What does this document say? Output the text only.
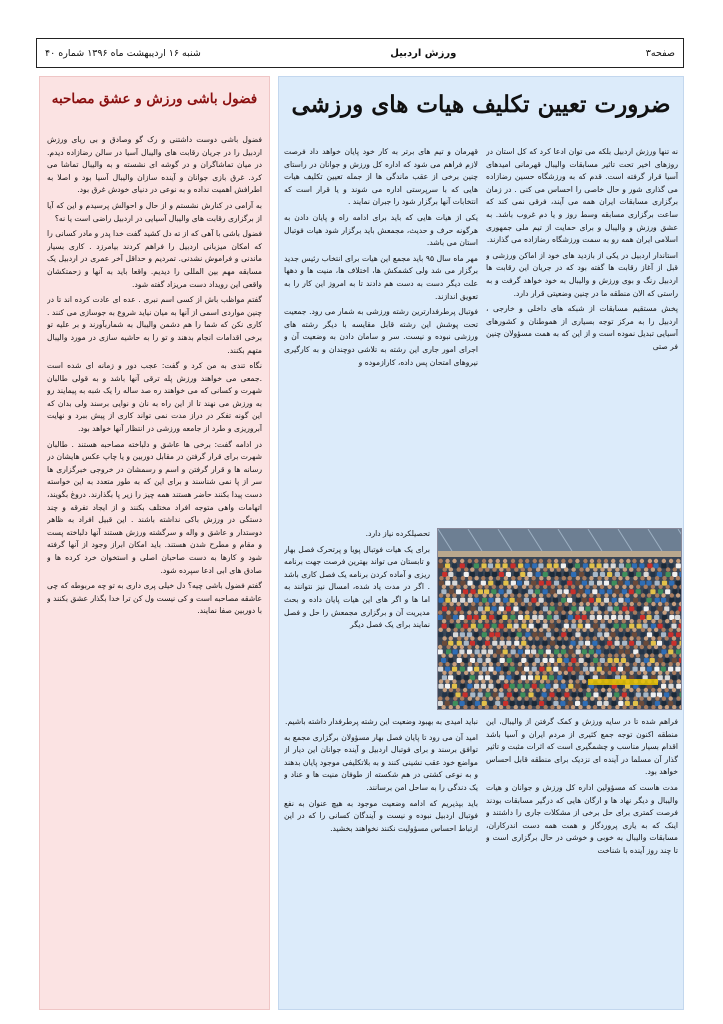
صفحه۳
ورزش اردبیل
شنبه ۱۶ اردیبهشت ماه ۱۳۹۶ شماره ۴۰
ضرورت تعیین تکلیف هیات های ورزشی
فضول باشی ورزش و عشق مصاحبه

نه تنها ورزش اردبیل بلکه می توان ادعا کرد که کل استان در روزهای اخیر تحت تاثیر مسابقات والیبال قهرمانی امیدهای آسیا قرار گرفته است. قدم که به ورزشگاه حسین رضازاده می گذاری شور و حال خاصی را احساس می کنی . در زمان برگزاری مسابقات ایران همه می آیند، فرقی نمی کند که ساعت برگزاری مسابقه وسط روز و یا دم غروب باشد. به عشق ورزش و والیبال و برای حمایت از تیم ملی جمهوری اسلامی ایران همه رو به سمت ورزشگاه رضازاده می گذارند.

استاندار اردبیل در یکی از بازدید های خود از اماکن ورزشی و قبل از آغاز رقابت ها گفته بود که در جریان این رقابت ها اردبیل رنگ و بوی ورزش و والیبال به خود خواهد گرفت و به راستی که الان منطقه ما در چنین وضعیتی قرار دارد.

پخش مستقیم مسابقات از شبکه های داخلی و خارجی ، اردبیل را به مرکز توجه بسیاری از هموطنان و کشورهای آسیایی تبدیل نموده است و از این که به همت مسؤولان چنین فر صتی

قهرمان و تیم های برتر به کار خود پایان خواهد داد فرصت لازم فراهم می شود که اداره کل ورزش و جوانان در راستای چنین برخی از عقب ماندگی ها از جمله تعیین تکلیف هیات هایی که با سرپرستی اداره می شوند و یا قرار است که انتخابات آنها برگزار شود را جبران نمایند .

یکی از هیات هایی که باید برای ادامه راه و پایان دادن به هرگونه حرف و حدیث، مجمعش باید برگزار شود هیات فوتبال استان می باشد.

مهر ماه سال ۹۵ باید مجمع این هیات برای انتخاب رئیس جدید برگزار می شد ولی کشمکش ها، اختلاف ها، منیت ها و دهها علت دیگر دست به دست هم دادند تا به امروز این کار را به تعویق اندازند.

فوتبال پرطرفدارترین رشته ورزشی به شمار می رود. جمعیت تحت پوشش این رشته قابل مقایسه با دیگر رشته های ورزشی نبوده و نیست. سر و سامان دادن به وضعیت آن و اجرای امور جاری این رشته به تلاشی دوچندان و به کارگیری نیروهای امتحان پس داده، کارازموده و

تحصیلکرده نیاز دارد.

برای یک هیات فوتبال پویا و پرتحرک فصل بهار و تابستان می تواند بهترین فرصت جهت برنامه ریزی و آماده کردن برنامه یک فصل کاری باشد . اگر در مدت یاد شده، امسال نیز نتوانند به اما ها و اگر های این هیات پایان داده و بحث مدیریت آن و برگزاری مجمعش را حل و فصل نمایند برای یک فصل دیگر

فراهم شده تا در سایه ورزش و کمک گرفتن از والیبال، این منطقه اکنون توجه جمع کثیری از مردم ایران و آسیا باشد اقدام بسیار مناسب و چشمگیری است که اثرات مثبت و تاثیر گذار آن مسلما در آینده ای نزدیک برای منطقه قابل احساس خواهد بود.

مدت هاست که مسؤولین اداره کل ورزش و جوانان و هیات والیبال و دیگر نهاد ها و ارگان هایی که درگیر مسابقات بودند فرصت کمتری برای حل برخی از مشکلات جاری را داشتند و اینک که به یاری پروردگار و همت همه دست اندرکاران، مسابقات والیبال به خوبی و خوشی در حال برگزاری است و تا چند روز آینده با شناخت

نباید امیدی به بهبود وضعیت این رشته پرطرفدار داشته باشیم.

امید آن می رود تا پایان فصل بهار مسؤولان برگزاری مجمع به توافق برسند و برای فوتبال اردبیل و آینده جوانان این دیار از مواضع خود عقب نشینی کنند و به بلاتکلیفی موجود پایان بدهند و به نوعی کشتی در هم شکسته از طوفان منیت ها و عناد و یک دندگی را به ساحل امن برسانند.

باید بپذیریم که ادامه وضعیت موجود به هیچ عنوان به نفع فوتبال اردبیل نبوده و نیست و آیندگان کسانی را که در این ارتباط احساس مسؤولیت نکنند نخواهند بخشید.

فضول باشی دوست داشتنی و رک گو وصادق و بی ریای ورزش اردبیل را در جریان رقابت های والیبال آسیا در سالن رضازاده دیدم. در میان تماشاگران و در گوشه ای نشسته و به والیبال تماشا می کرد. غرق بازی جوانان و آینده سازان والیبال آسیا بود و اصلا به اطرافش اهمیت نداده و به نوعی در دنیای خودش غرق بود.

به آرامی در کنارش نشستم و از حال و احوالش پرسیدم و این که آیا از برگزاری رقابت های والیبال آسیایی در اردبیل راضی است یا نه؟

فضول باشی با آهی که از ته دل کشید گفت خدا پدر و مادر کسانی را که امکان میزبانی اردبیل را فراهم کردند بیامرزد . کاری بسیار ماندنی و فراموش نشدنی. تمردیم و حداقل آخر عمری در اردبیل یک مسابقه مهم بین المللی را دیدیم. واقعا باید به آنها و زحمتکشان واقعی این رویداد دست مریزاد گفته شود.

گفتم مواظب باش از کسی اسم نبری . عده ای عادت کرده اند تا در چنین مواردی اسمی از آنها به میان نیاید شروع به جوسازی می کنند . کاری نکن که شما را هم دشمن والیبال به شماربآورند و بر علیه تو برخی اقدامات انجام بدهند و تو را به حاشیه سازی در مورد والیبال متهم بکنند.

نگاه تندی به من کرد و گفت: عجب دور و زمانه ای شده است .جمعی می خواهند ورزش پله ترقی آنها باشد و به قولی طالبان شهرت و کسانی که می خواهند ره صد ساله را یک شبه به پیمایند رو به ورزش می نهند تا از این راه به نان و نوایی برسند ولی بدان که این گونه تفکر در دراز مدت نمی تواند کاری از پیش ببرد و نهایت آبروریزی و طرد از جامعه ورزشی در انتظار آنها خواهد بود.

در ادامه گفت: برخی ها عاشق و دلباخته مصاحبه هستند . طالبان شهرت برای قرار گرفتن در مقابل دوربین و یا چاپ عکس هایشان در رسانه ها و قرار گرفتن و اسم و رسمشان در خروجی خبرگزاری ها سر از پا نمی شناسند و برای این که به طور متعدد به این خواسته دست پیدا بکنند حاضر هستند همه چیز را زیر پا بگذارند. دروغ بگویند، اتهامات واهی متوجه افراد مختلف بکنند و از ایجاد تفرقه و چند دستگی در ورزش باکی نداشته باشند . این قبیل افراد به ظاهر دوستدار و عاشق و واله و سرگشته ورزش هستند آنها دلباخته پست و مقام و مطرح شدن هستند. باید امکان ابراز وجود از آنها گرفته شود و کارها به دست صاحبان اصلی و استخوان خرد کرده ها و صادق های ابی ادعا سپرده شود.

گفتم فضول باشی چیه؟ دل خیلی پری داری به تو چه مربوطه که چی عاشقه مصاحبه است و کی نیست ول کن ترا خدا بگذار عشق بکنند و با دوربین صفا نمایند.
